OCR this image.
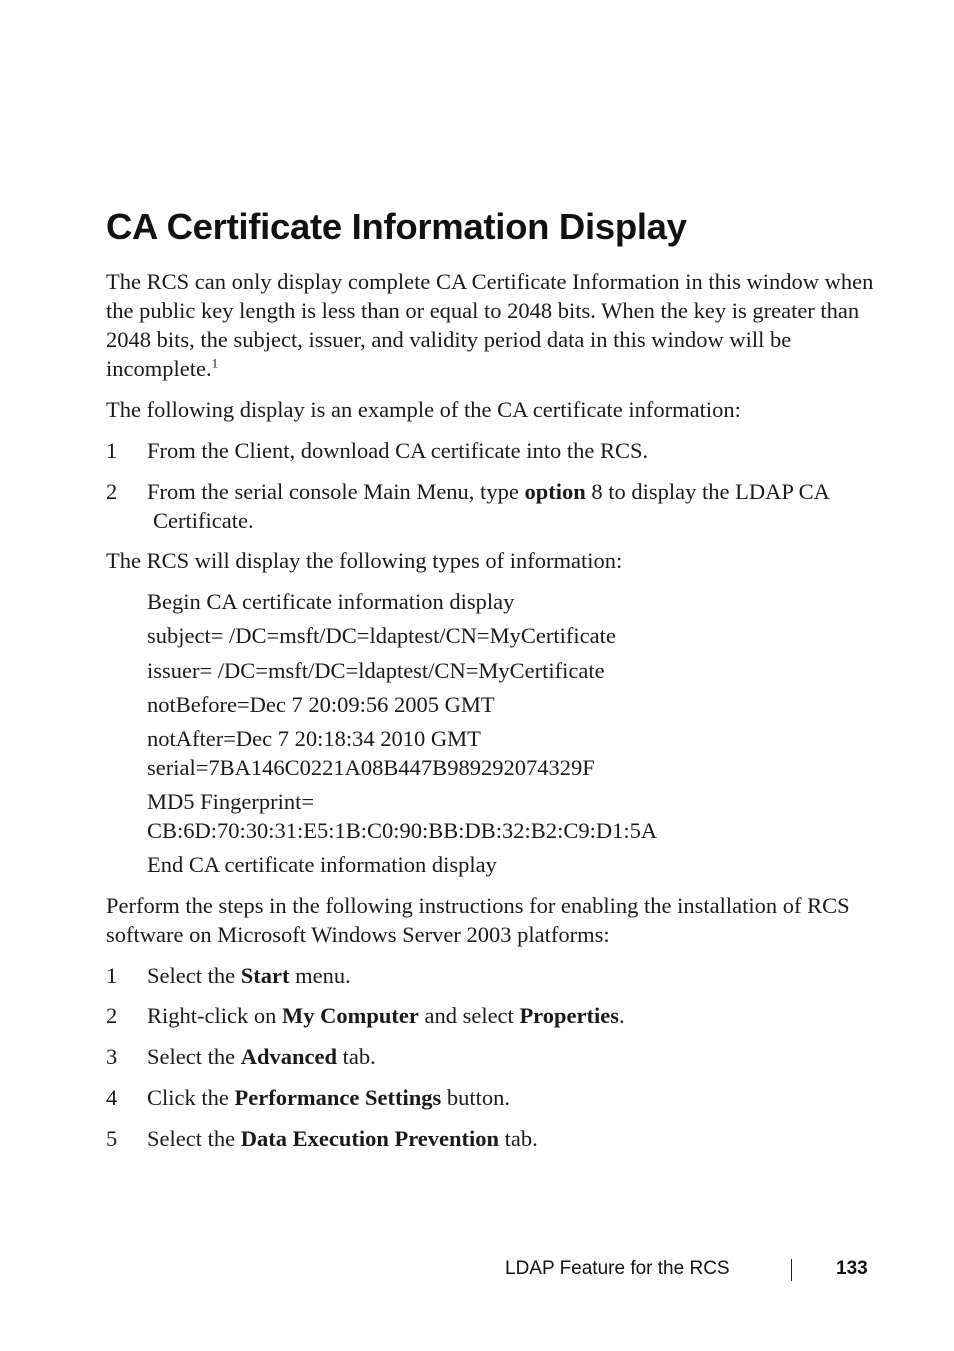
CA Certificate Information Display

The RCS can only display complete CA Certificate Information in this window when the public key length is less than or equal to 2048 bits. When the key is greater than 2048 bits, the subject, issuer, and validity period data in this window will be incomplete.$^1$

The following display is an example of the CA certificate information:

1 From the Client, download CA certificate into the RCS.

2 From the serial console Main Menu, type option 8 to display the LDAP CA

Certificate.

The RCS will display the following types of information:

Begin CA certificate information display

subject= /DC=msft/DC=ldaptest/CN=MyCertificate

issuer= /DC=msft/DC=ldaptest/CN=MyCertificate

notBefore=Dec 7 20:09:56 2005 GMT

notAfter=Dec 7 20:18:34 2010 GMT

serial=7BA146C0221A08B447B989292074329F

MD5 Fingerprint=

CB:6D:70:30:31:E5:1B:C0:90:BB:DB:32:B2:C9:D1:5A

End CA certificate information display

Perform the steps in the following instructions for enabling the installation of RCS software on Microsoft Windows Server 2003 platforms:

1 Select the Start menu.

2 Right-click on My Computer and select Properties.

3 Select the Advanced tab.

4 Click the Performance Settings button.

5 Select the Data Execution Prevention tab.

LDAP Feature for the RCS	133
